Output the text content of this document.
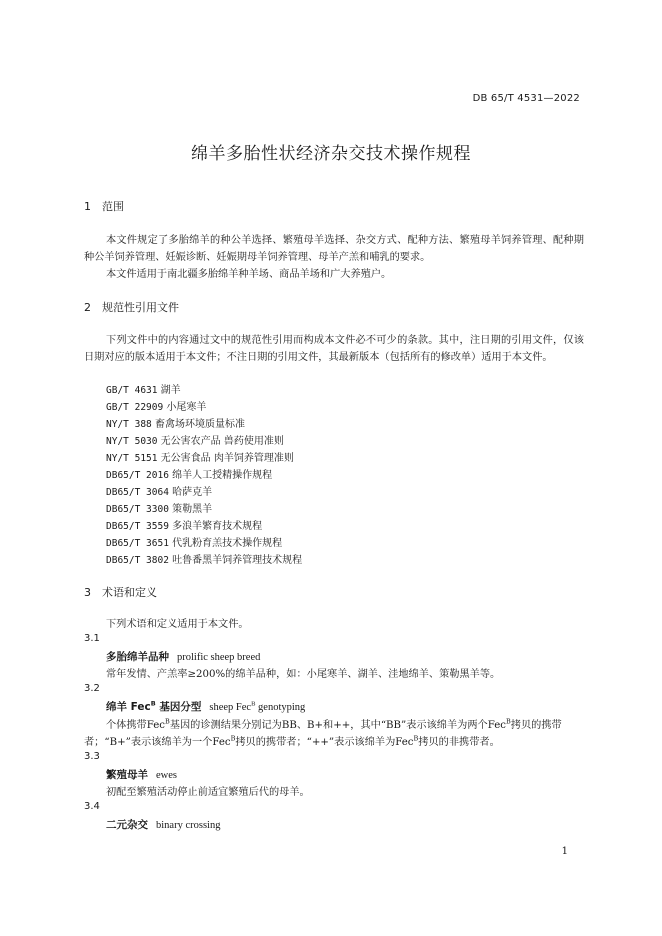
DB 65/T 4531—2022
绵羊多胎性状经济杂交技术操作规程
1 范围

本文件规定了多胎绵羊的种公羊选择、繁殖母羊选择、杂交方式、配种方法、繁殖母羊饲养管理、配种期种公羊饲养管理、妊娠诊断、妊娠期母羊饲养管理、母羊产羔和哺乳的要求。

本文件适用于南北疆多胎绵羊种羊场、商品羊场和广大养殖户。

2 规范性引用文件

下列文件中的内容通过文中的规范性引用而构成本文件必不可少的条款。其中，注日期的引用文件，仅该日期对应的版本适用于本文件；不注日期的引用文件，其最新版本（包括所有的修改单）适用于本文件。

GB/T 4631 湖羊
GB/T 22909 小尾寒羊
NY/T 388 畜禽场环境质量标准
NY/T 5030 无公害农产品 兽药使用准则
NY/T 5151 无公害食品 肉羊饲养管理准则
DB65/T 2016 绵羊人工授精操作规程
DB65/T 3064 哈萨克羊
DB65/T 3300 策勒黑羊
DB65/T 3559 多浪羊繁育技术规程
DB65/T 3651 代乳粉育羔技术操作规程
DB65/T 3802 吐鲁番黑羊饲养管理技术规程
3 术语和定义
下列术语和定义适用于本文件。
3.1
多胎绵羊品种 prolific sheep breed
常年发情、产羔率≥200%的绵羊品种，如：小尾寒羊、湖羊、洼地绵羊、策勒黑羊等。
3.2
绵羊 Fec$^B$ 基因分型 sheep Fec$^B$ genotyping
个体携带Fec$^B$基因的诊测结果分别记为BB、B+和++，其中“BB”表示该绵羊为两个Fec$^B$拷贝的携带
者；“B+”表示该绵羊为一个Fec$^B$拷贝的携带者；“++”表示该绵羊为Fec$^B$拷贝的非携带者。
3.3
繁殖母羊 ewes
初配至繁殖活动停止前适宜繁殖后代的母羊。
3.4
二元杂交 binary crossing
1
